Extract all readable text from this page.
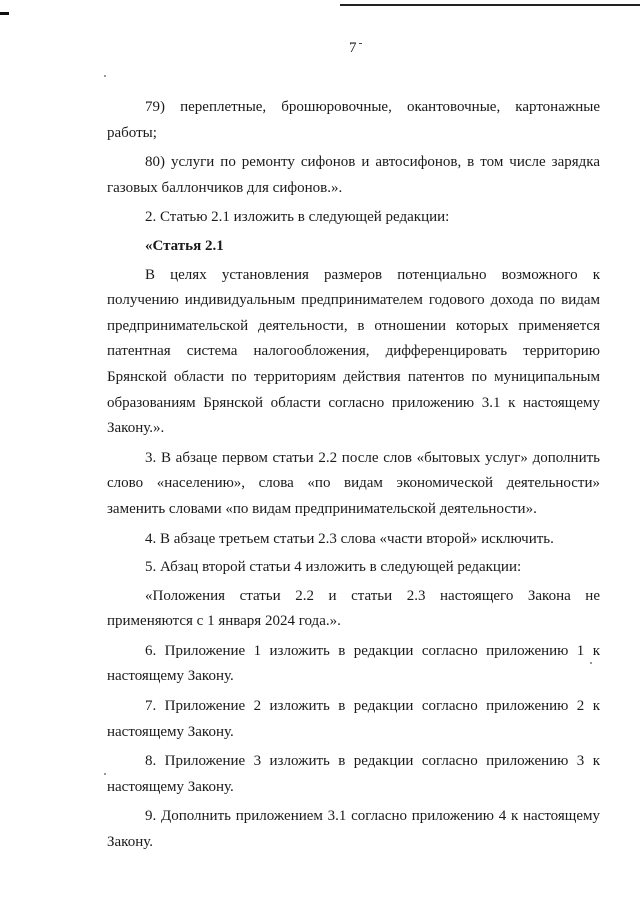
7

79) переплетные, брошюровочные, окантовочные, картонажные работы;

80) услуги по ремонту сифонов и автосифонов, в том числе зарядка газовых баллончиков для сифонов.».

2. Статью 2.1 изложить в следующей редакции:

«Статья 2.1

В целях установления размеров потенциально возможного к получению индивидуальным предпринимателем годового дохода по видам предпринимательской деятельности, в отношении которых применяется патентная система налогообложения, дифференцировать территорию Брянской области по территориям действия патентов по муниципальным образованиям Брянской области согласно приложению 3.1 к настоящему Закону.».

3. В абзаце первом статьи 2.2 после слов «бытовых услуг» дополнить слово «населению», слова «по видам экономической деятельности» заменить словами «по видам предпринимательской деятельности».

4. В абзаце третьем статьи 2.3 слова «части второй» исключить.

5. Абзац второй статьи 4 изложить в следующей редакции:

«Положения статьи 2.2 и статьи 2.3 настоящего Закона не применяются с 1 января 2024 года.».

6. Приложение 1 изложить в редакции согласно приложению 1 к настоящему Закону.

7. Приложение 2 изложить в редакции согласно приложению 2 к настоящему Закону.

8. Приложение 3 изложить в редакции согласно приложению 3 к настоящему Закону.

9. Дополнить приложением 3.1 согласно приложению 4 к настоящему Закону.
